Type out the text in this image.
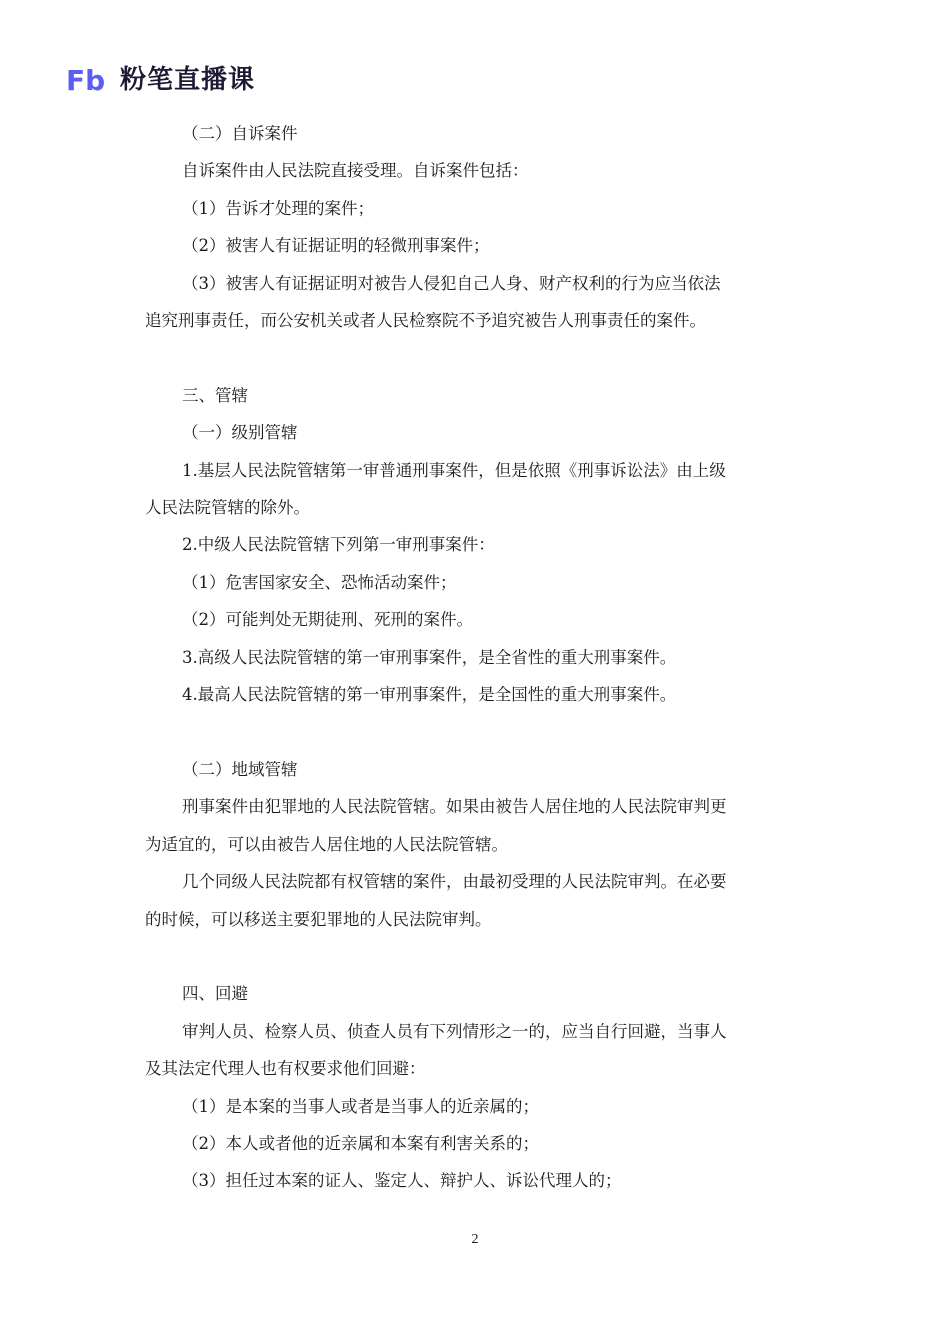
Fb 粉笔直播课
（二）自诉案件
自诉案件由人民法院直接受理。自诉案件包括：
（1）告诉才处理的案件；
（2）被害人有证据证明的轻微刑事案件；
（3）被害人有证据证明对被告人侵犯自己人身、财产权利的行为应当依法
追究刑事责任，而公安机关或者人民检察院不予追究被告人刑事责任的案件。
三、管辖
（一）级别管辖
1.基层人民法院管辖第一审普通刑事案件，但是依照《刑事诉讼法》由上级
人民法院管辖的除外。
2.中级人民法院管辖下列第一审刑事案件：
（1）危害国家安全、恐怖活动案件；
（2）可能判处无期徒刑、死刑的案件。
3.高级人民法院管辖的第一审刑事案件，是全省性的重大刑事案件。
4.最高人民法院管辖的第一审刑事案件，是全国性的重大刑事案件。
（二）地域管辖
刑事案件由犯罪地的人民法院管辖。如果由被告人居住地的人民法院审判更
为适宜的，可以由被告人居住地的人民法院管辖。
几个同级人民法院都有权管辖的案件，由最初受理的人民法院审判。在必要
的时候，可以移送主要犯罪地的人民法院审判。
四、回避
审判人员、检察人员、侦查人员有下列情形之一的，应当自行回避，当事人
及其法定代理人也有权要求他们回避：
（1）是本案的当事人或者是当事人的近亲属的；
（2）本人或者他的近亲属和本案有利害关系的；
（3）担任过本案的证人、鉴定人、辩护人、诉讼代理人的；
2
